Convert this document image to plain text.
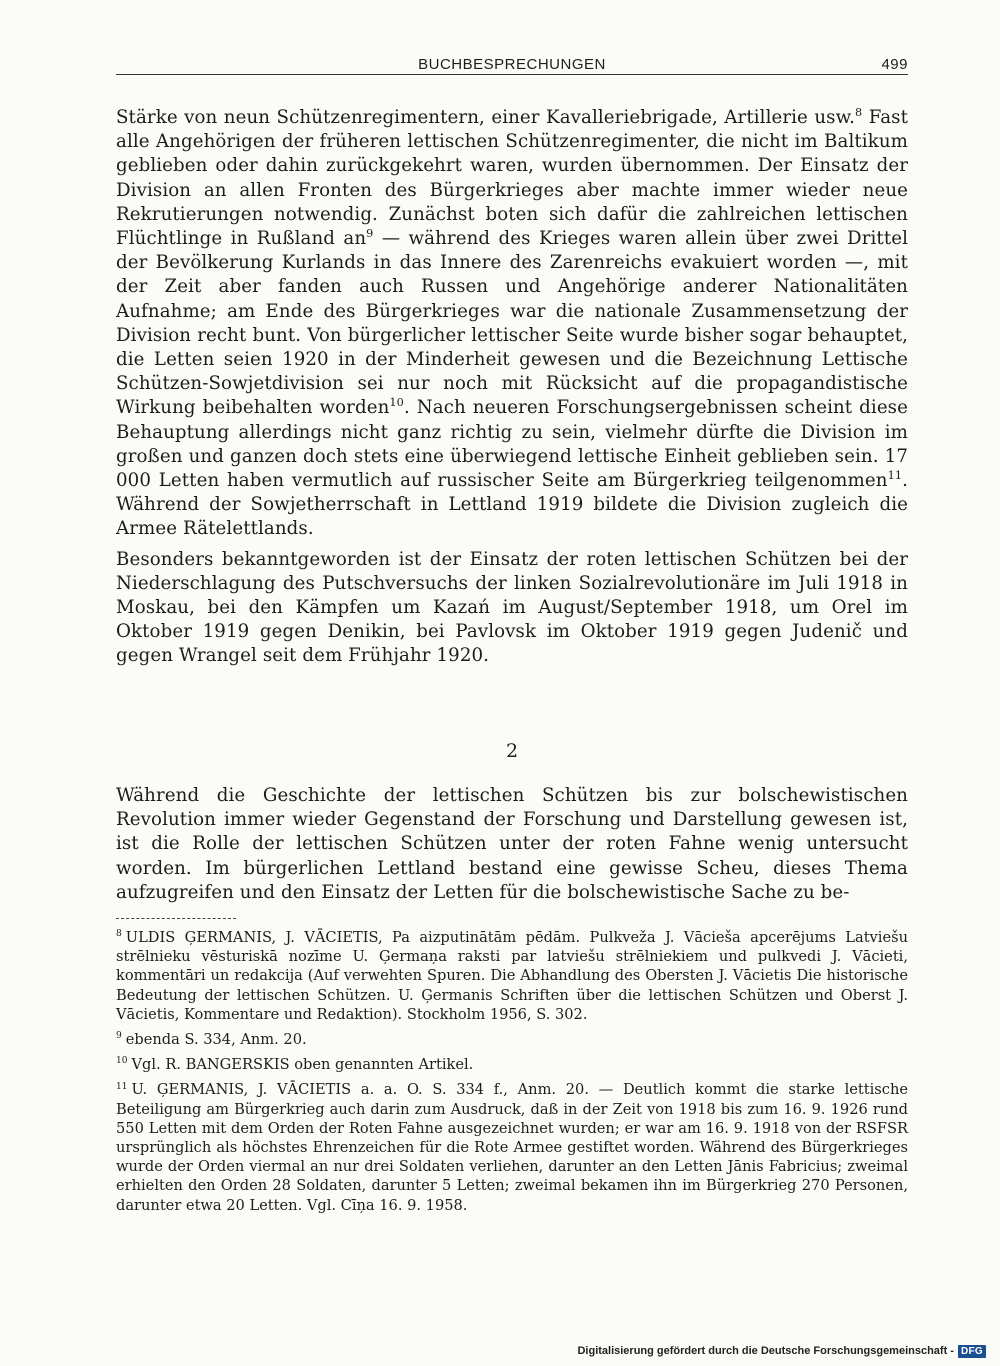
BUCHBESPRECHUNGEN	499

Stärke von neun Schützenregimentern, einer Kavalleriebrigade, Artillerie usw.$^8$ Fast alle Angehörigen der früheren lettischen Schützenregimenter, die nicht im Baltikum geblieben oder dahin zurückgekehrt waren, wurden übernommen. Der Einsatz der Division an allen Fronten des Bürgerkrieges aber machte immer wieder neue Rekrutierungen notwendig. Zunächst boten sich dafür die zahlreichen lettischen Flüchtlinge in Rußland $an^9$ — während des Krieges waren allein über zwei Drittel der Bevölkerung Kurlands in das Innere des Zarenreichs evakuiert worden —, mit der Zeit aber fanden auch Russen und Angehörige anderer Nationalitäten Aufnahme; am Ende des Bürgerkrieges war die nationale Zusammensetzung der Division recht bunt. Von bürgerlicher lettischer Seite wurde bisher sogar behauptet, die Letten seien 1920 in der Minderheit gewesen und die Bezeichnung Lettische Schützen-Sowjetdivision sei nur noch mit Rücksicht auf die propagandistische Wirkung beibehalten worden$^{10}$. Nach neueren Forschungsergebnissen scheint diese Behauptung allerdings nicht ganz richtig zu sein, vielmehr dürfte die Division im großen und ganzen doch stets eine überwiegend lettische Einheit geblieben sein. 17 000 Letten haben vermutlich auf russischer Seite am Bürgerkrieg teilgenommen$^{11}$. Während der Sowjetherrschaft in Lettland 1919 bildete die Division zugleich die Armee Rätelettlands.

Besonders bekanntgeworden ist der Einsatz der roten lettischen Schützen bei der Niederschlagung des Putschversuchs der linken Sozialrevolutionäre im Juli 1918 in Moskau, bei den Kämpfen um Kazań im August/September 1918, um Orel im Oktober 1919 gegen Denikin, bei Pavlovsk im Oktober 1919 gegen Judenič und gegen Wrangel seit dem Frühjahr 1920.

2

Während die Geschichte der lettischen Schützen bis zur bolschewistischen Revolution immer wieder Gegenstand der Forschung und Darstellung gewesen ist, ist die Rolle der lettischen Schützen unter der roten Fahne wenig untersucht worden. Im bürgerlichen Lettland bestand eine gewisse Scheu, dieses Thema aufzugreifen und den Einsatz der Letten für die bolschewistische Sache zu be-

$^8$ ULDIS ĢERMANIS, J. VĀCIETIS, Pa aizputinātām pēdām. Pulkveža J. Vācieša apcerējums Latviešu strēlnieku vēsturiskā nozīme U. Ģermaņa raksti par latviešu strēlniekiem und pulkvedi J. Vācieti, kommentāri un redakcija (Auf verwehten Spuren. Die Abhandlung des Obersten J. Vācietis Die historische Bedeutung der lettischen Schützen. U. Ģermanis Schriften über die lettischen Schützen und Oberst J. Vācietis, Kommentare und Redaktion). Stockholm 1956, S. 302.

$^9$ ebenda S. 334, Anm. 20.

$^{10}$ Vgl. R. BANGERSKIS oben genannten Artikel.

$^{11}$ U. ĢERMANIS, J. VĀCIETIS a. a. O. S. 334 f., Anm. 20. — Deutlich kommt die starke lettische Beteiligung am Bürgerkrieg auch darin zum Ausdruck, daß in der Zeit von 1918 bis zum 16. 9. 1926 rund 550 Letten mit dem Orden der Roten Fahne ausgezeichnet wurden; er war am 16. 9. 1918 von der RSFSR ursprünglich als höchstes Ehrenzeichen für die Rote Armee gestiftet worden. Während des Bürgerkrieges wurde der Orden viermal an nur drei Soldaten verliehen, darunter an den Letten Jānis Fabricius; zweimal erhielten den Orden 28 Soldaten, darunter 5 Letten; zweimal bekamen ihn im Bürgerkrieg 270 Personen, darunter etwa 20 Letten. Vgl. Cīņa 16. 9. 1958.

Digitalisierung gefördert durch die Deutsche Forschungsgemeinschaft - DFG
